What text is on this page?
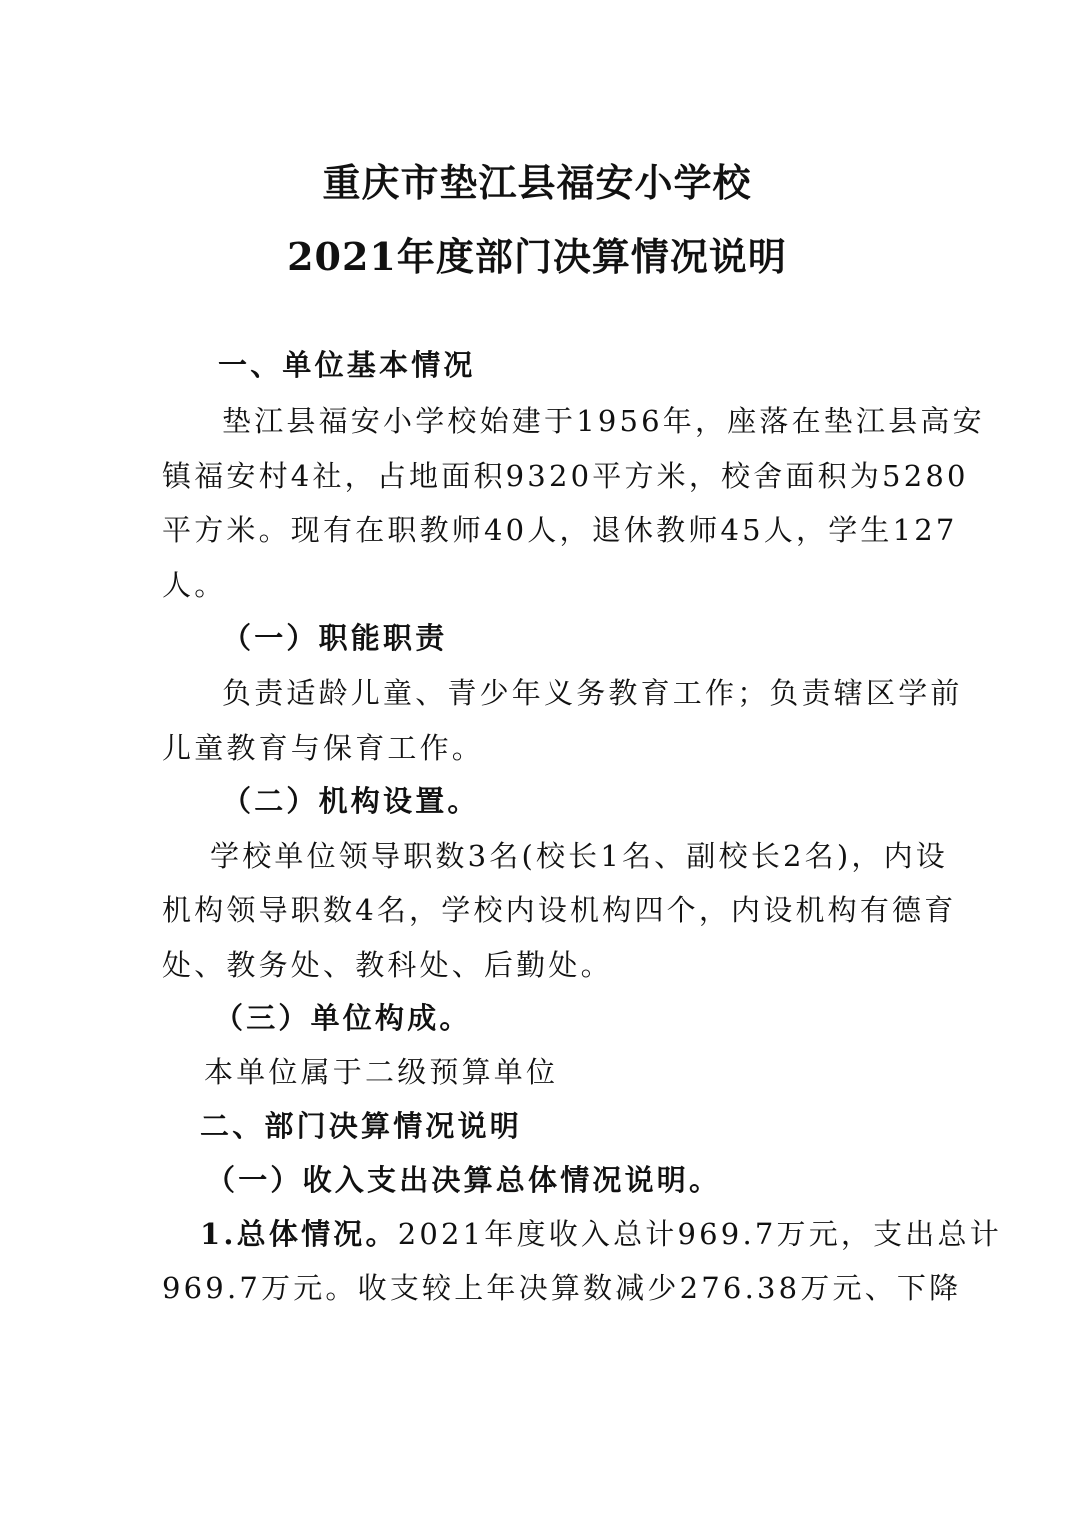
重庆市垫江县福安小学校
2021年度部门决算情况说明
一、单位基本情况
垫江县福安小学校始建于1956年，座落在垫江县高安
镇福安村4社，占地面积9320平方米，校舍面积为5280
平方米。现有在职教师40人，退休教师45人，学生127
人。
（一）职能职责
负责适龄儿童、青少年义务教育工作；负责辖区学前
儿童教育与保育工作。
（二）机构设置。
学校单位领导职数3名(校长1名、副校长2名)，内设
机构领导职数4名，学校内设机构四个，内设机构有德育
处、教务处、教科处、后勤处。
（三）单位构成。
本单位属于二级预算单位
二、部门决算情况说明
（一）收入支出决算总体情况说明。
1.总体情况。2021年度收入总计969.7万元，支出总计
969.7万元。收支较上年决算数减少276.38万元、下降
